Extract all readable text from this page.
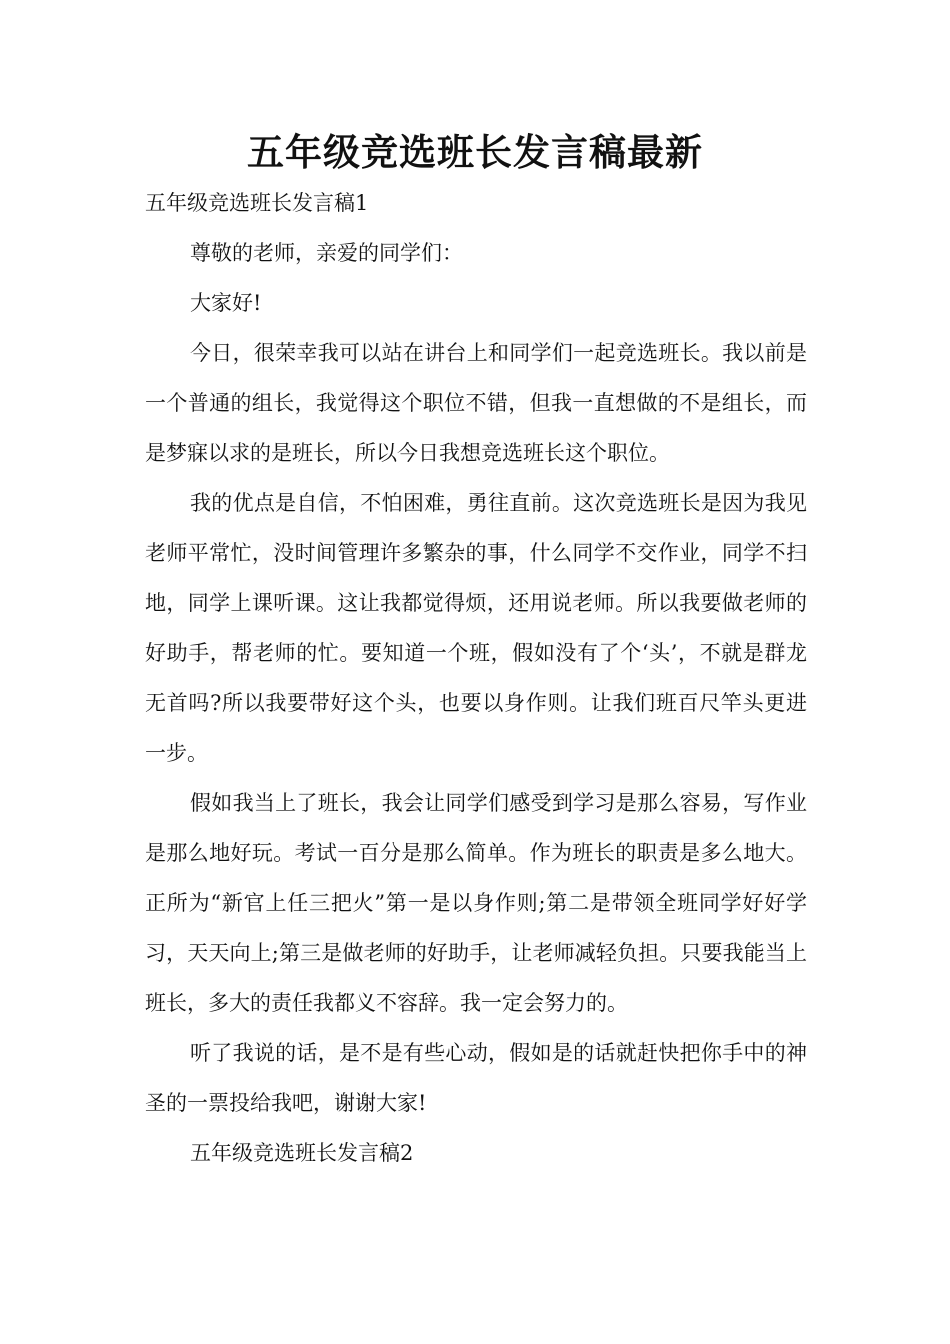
五年级竞选班长发言稿最新

五年级竞选班长发言稿1

尊敬的老师，亲爱的同学们：

大家好!

今日，很荣幸我可以站在讲台上和同学们一起竞选班长。我以前是一个普通的组长，我觉得这个职位不错，但我一直想做的不是组长，而是梦寐以求的是班长，所以今日我想竞选班长这个职位。

我的优点是自信，不怕困难，勇往直前。这次竞选班长是因为我见老师平常忙，没时间管理许多繁杂的事，什么同学不交作业，同学不扫地，同学上课听课。这让我都觉得烦，还用说老师。所以我要做老师的好助手，帮老师的忙。要知道一个班，假如没有了个‘头’，不就是群龙无首吗?所以我要带好这个头，也要以身作则。让我们班百尺竿头更进一步。

假如我当上了班长，我会让同学们感受到学习是那么容易，写作业是那么地好玩。考试一百分是那么简单。作为班长的职责是多么地大。正所为“新官上任三把火”第一是以身作则;第二是带领全班同学好好学习，天天向上;第三是做老师的好助手，让老师减轻负担。只要我能当上班长，多大的责任我都义不容辞。我一定会努力的。

听了我说的话，是不是有些心动，假如是的话就赶快把你手中的神圣的一票投给我吧，谢谢大家!

五年级竞选班长发言稿2
